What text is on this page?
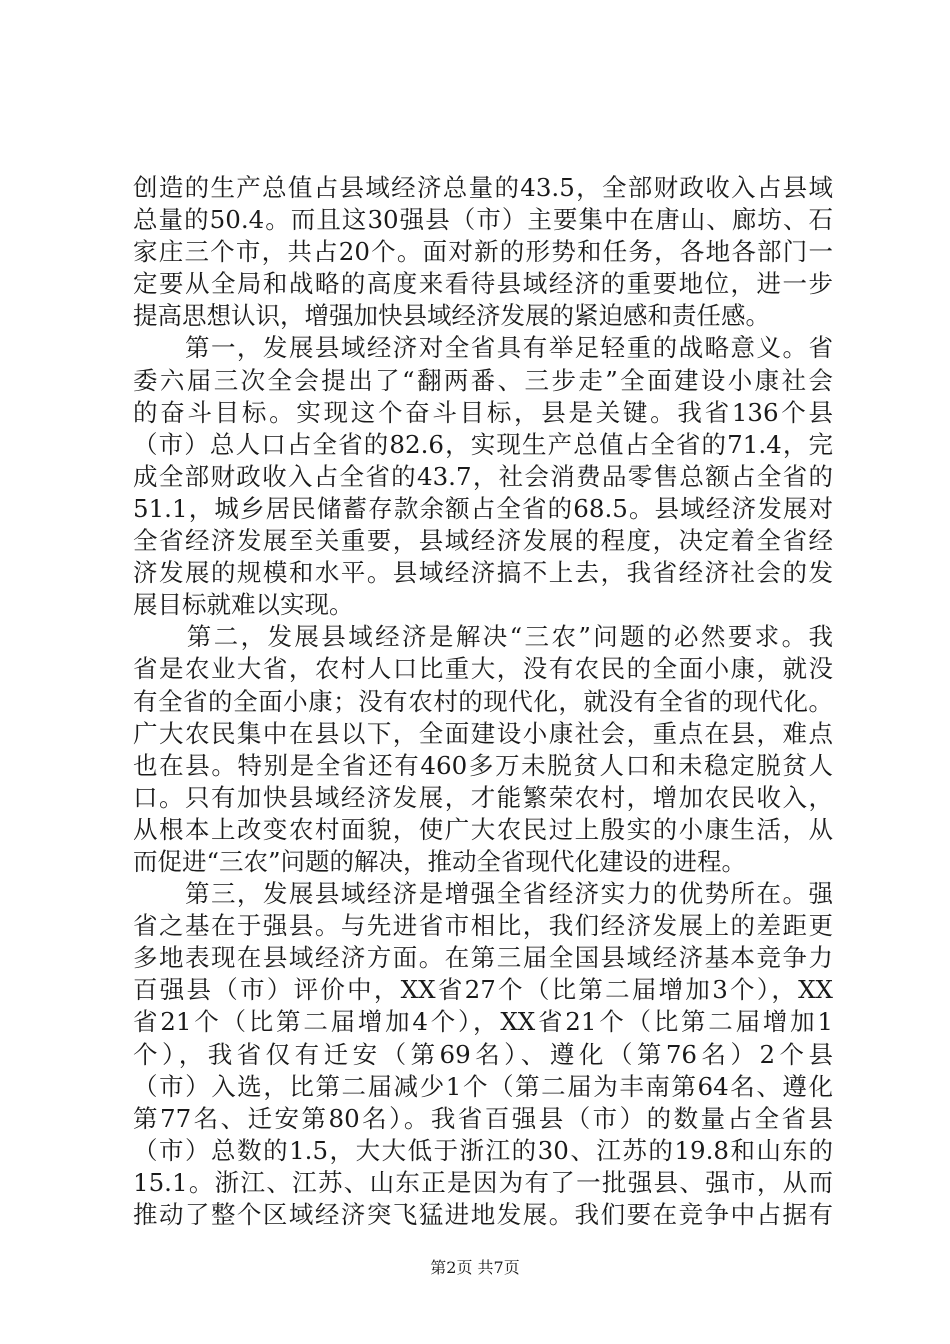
创造的生产总值占县域经济总量的43.5，全部财政收入占县域
总量的50.4。而且这30强县（市）主要集中在唐山、廊坊、石
家庄三个市，共占20个。面对新的形势和任务，各地各部门一
定要从全局和战略的高度来看待县域经济的重要地位，进一步
提高思想认识，增强加快县域经济发展的紧迫感和责任感。
　　第一，发展县域经济对全省具有举足轻重的战略意义。省
委六届三次全会提出了“翻两番、三步走”全面建设小康社会
的奋斗目标。实现这个奋斗目标，县是关键。我省136个县
（市）总人口占全省的82.6，实现生产总值占全省的71.4，完
成全部财政收入占全省的43.7，社会消费品零售总额占全省的
51.1，城乡居民储蓄存款余额占全省的68.5。县域经济发展对
全省经济发展至关重要，县域经济发展的程度，决定着全省经
济发展的规模和水平。县域经济搞不上去，我省经济社会的发
展目标就难以实现。
　　第二，发展县域经济是解决“三农”问题的必然要求。我
省是农业大省，农村人口比重大，没有农民的全面小康，就没
有全省的全面小康；没有农村的现代化，就没有全省的现代化。
广大农民集中在县以下，全面建设小康社会，重点在县，难点
也在县。特别是全省还有460多万未脱贫人口和未稳定脱贫人
口。只有加快县域经济发展，才能繁荣农村，增加农民收入，
从根本上改变农村面貌，使广大农民过上殷实的小康生活，从
而促进“三农”问题的解决，推动全省现代化建设的进程。
　　第三，发展县域经济是增强全省经济实力的优势所在。强
省之基在于强县。与先进省市相比，我们经济发展上的差距更
多地表现在县域经济方面。在第三届全国县域经济基本竞争力
百强县（市）评价中，XX省27个（比第二届增加3个），XX
省21个（比第二届增加4个），XX省21个（比第二届增加1
个），我省仅有迁安（第69名）、遵化（第76名）2个县
（市）入选，比第二届减少1个（第二届为丰南第64名、遵化
第77名、迁安第80名）。我省百强县（市）的数量占全省县
（市）总数的1.5，大大低于浙江的30、江苏的19.8和山东的
15.1。浙江、江苏、山东正是因为有了一批强县、强市，从而
推动了整个区域经济突飞猛进地发展。我们要在竞争中占据有
第2页 共7页
